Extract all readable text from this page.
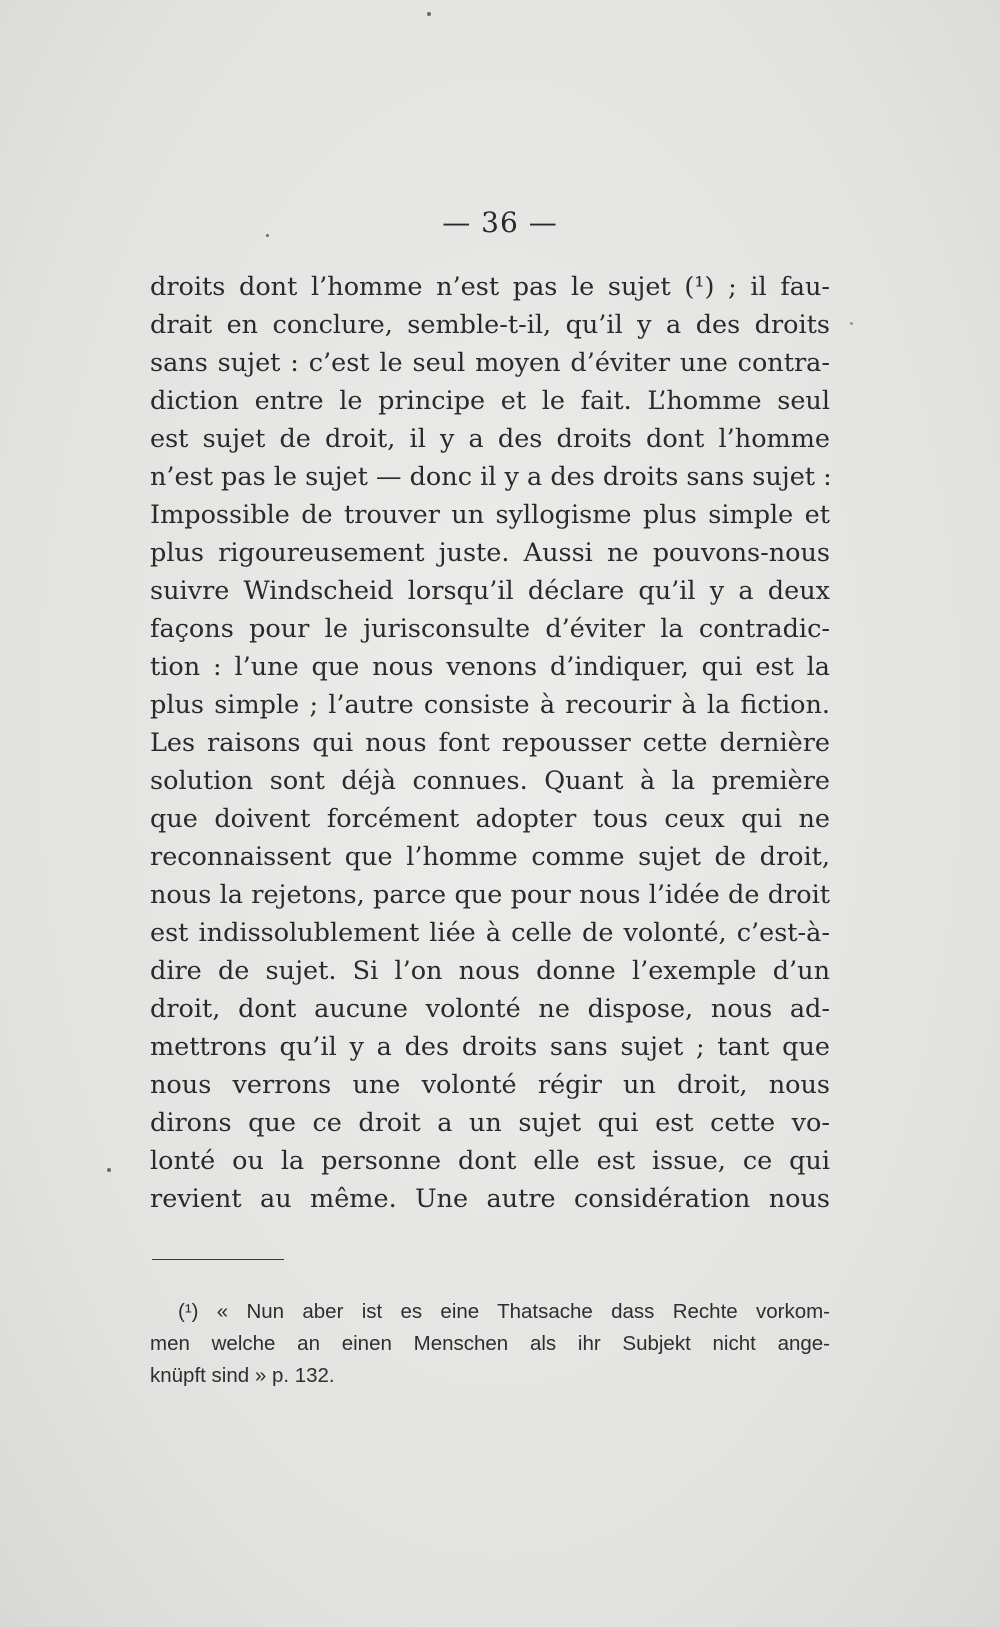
— 36 —
droits dont l’homme n’est pas le sujet (¹) ; il fau-
drait en conclure, semble-t-il, qu’il y a des droits
sans sujet : c’est le seul moyen d’éviter une contra-
diction entre le principe et le fait. L’homme seul
est sujet de droit, il y a des droits dont l’homme
n’est pas le sujet — donc il y a des droits sans sujet :
Impossible de trouver un syllogisme plus simple et
plus rigoureusement juste. Aussi ne pouvons-nous
suivre Windscheid lorsqu’il déclare qu’il y a deux
façons pour le jurisconsulte d’éviter la contradic-
tion : l’une que nous venons d’indiquer, qui est la
plus simple ; l’autre consiste à recourir à la fiction.
Les raisons qui nous font repousser cette dernière
solution sont déjà connues. Quant à la première
que doivent forcément adopter tous ceux qui ne
reconnaissent que l’homme comme sujet de droit,
nous la rejetons, parce que pour nous l’idée de droit
est indissolublement liée à celle de volonté, c’est-à-
dire de sujet. Si l’on nous donne l’exemple d’un
droit, dont aucune volonté ne dispose, nous ad-
mettrons qu’il y a des droits sans sujet ; tant que
nous verrons une volonté régir un droit, nous
dirons que ce droit a un sujet qui est cette vo-
lonté ou la personne dont elle est issue, ce qui
revient au même. Une autre considération nous
(¹) « Nun aber ist es eine Thatsache dass Rechte vorkom-
men welche an einen Menschen als ihr Subjekt nicht ange-
knüpft sind » p. 132.
